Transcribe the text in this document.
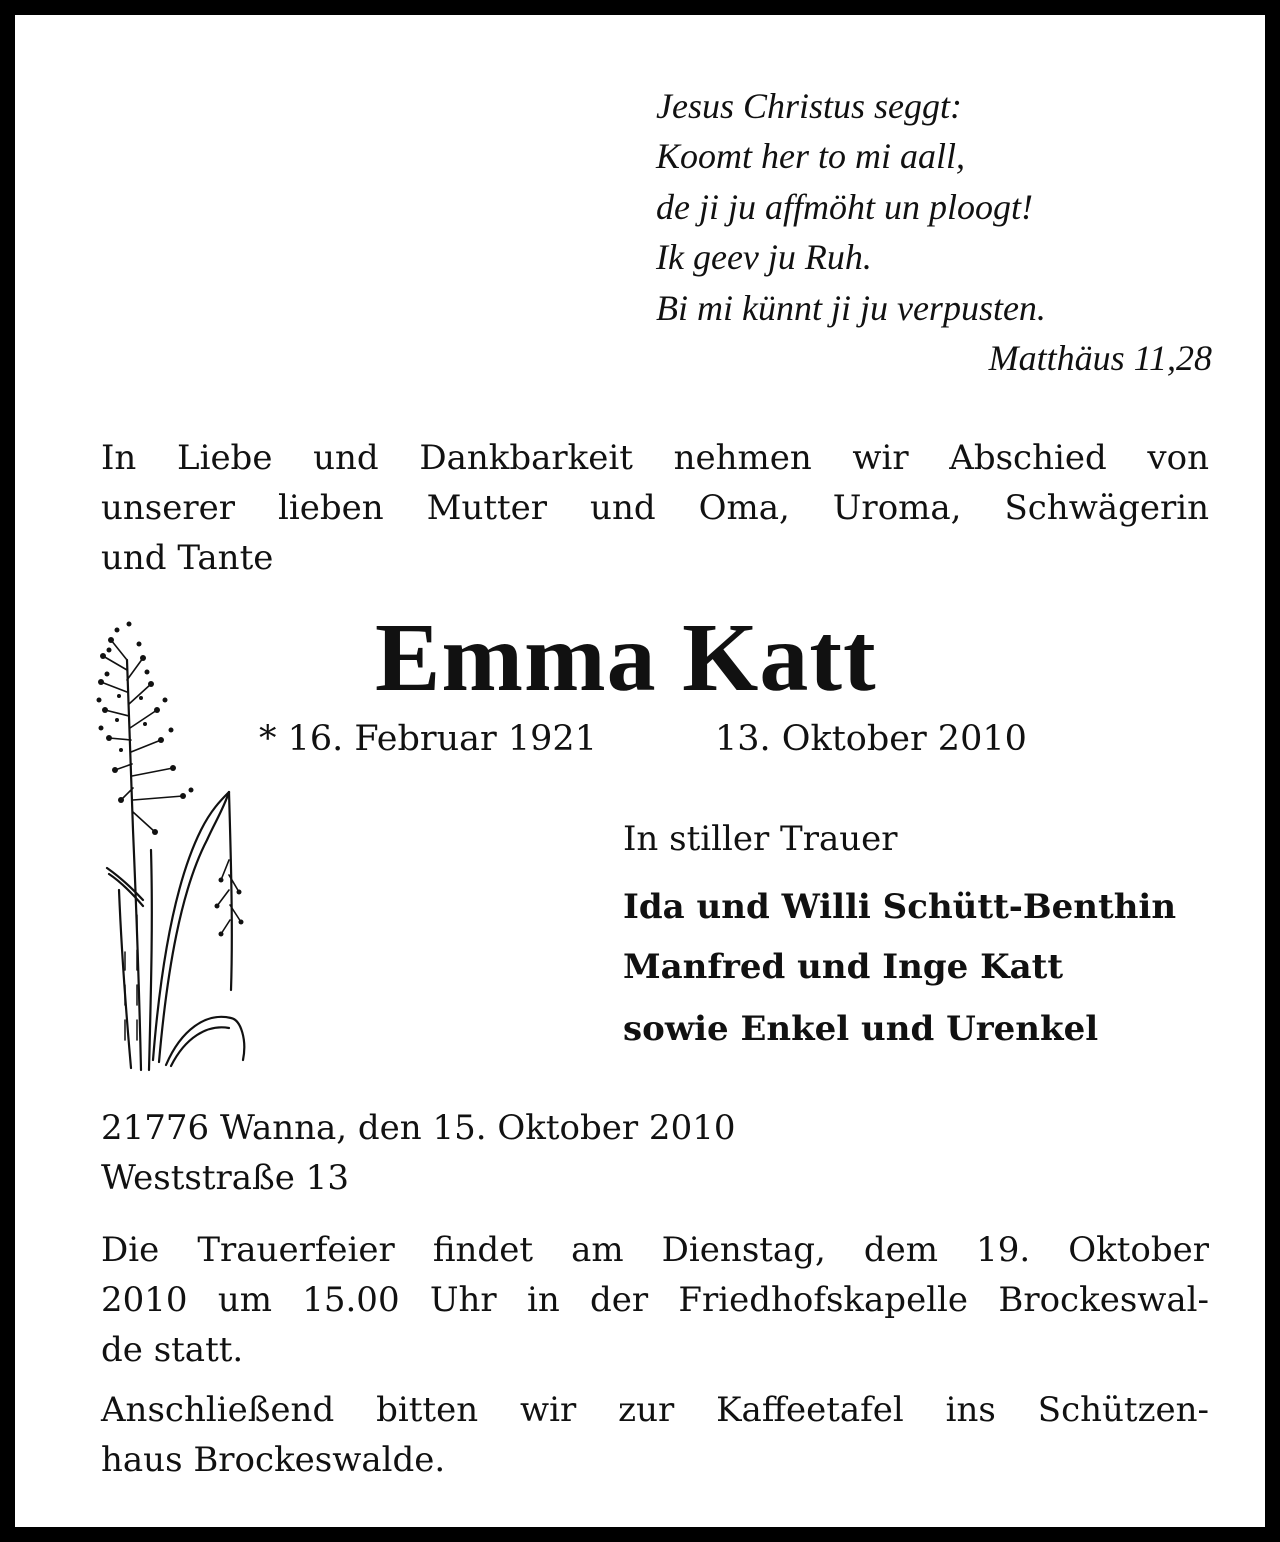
Jesus Christus seggt:

Koomt her to mi aall,

de ji ju affmöht un ploogt!

Ik geev ju Ruh.

Bi mi künnt ji ju verpusten.

Matthäus 11,28

In Liebe und Dankbarkeit nehmen wir Abschied von

unserer lieben Mutter und Oma, Uroma, Schwägerin

und Tante

Emma Katt

* 16. Februar 1921	13. Oktober 2010

In stiller Trauer

Ida und Willi Schütt-Benthin

Manfred und Inge Katt

sowie Enkel und Urenkel

21776 Wanna, den 15. Oktober 2010

Weststraße 13

Die Trauerfeier findet am Dienstag, dem 19. Oktober

2010 um 15.00 Uhr in der Friedhofskapelle Brockeswal-

de statt.

Anschließend bitten wir zur Kaffeetafel ins Schützen-

haus Brockeswalde.
